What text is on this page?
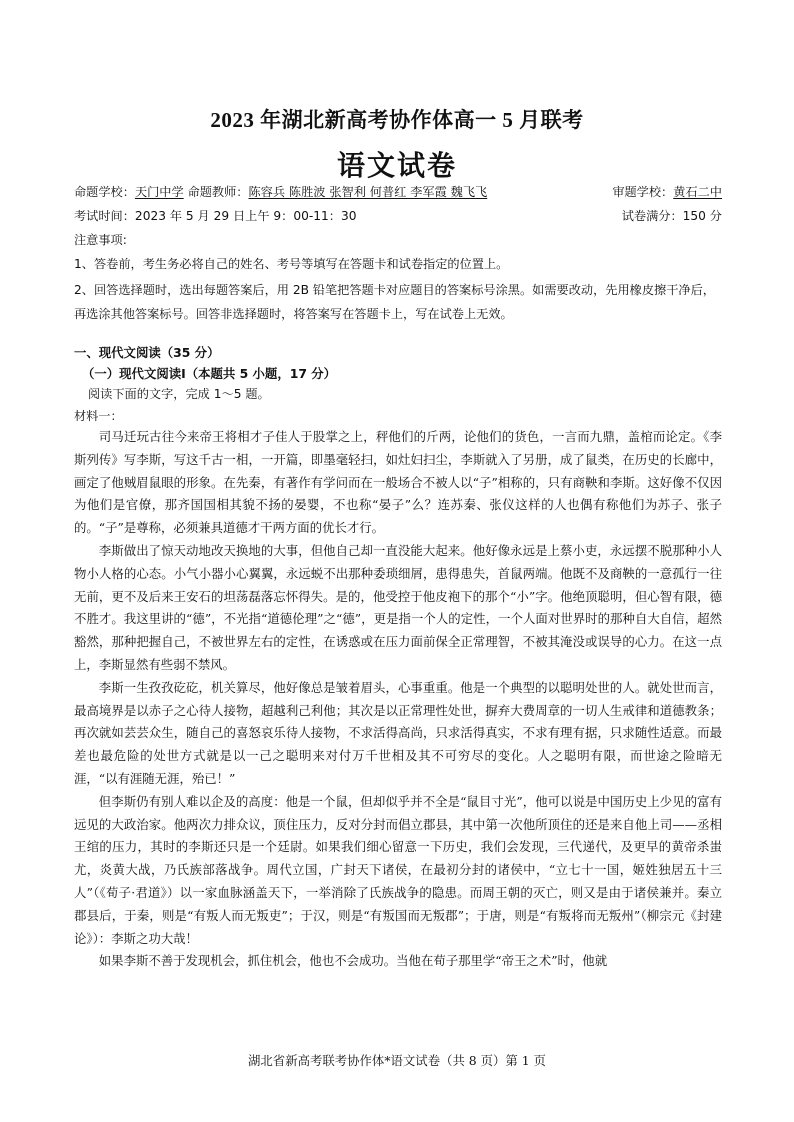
2023 年湖北新高考协作体高一 5 月联考
语文试卷
命题学校：天门中学 命题教师：陈容兵 陈胜波 张智利 何普红 李军霞 魏飞飞	审题学校：黄石二中
考试时间：2023 年 5 月 29 日上午 9：00-11：30	试卷满分：150 分
注意事项:
1、答卷前，考生务必将自己的姓名、考号等填写在答题卡和试卷指定的位置上。
2、回答选择题时，选出每题答案后，用 2B 铅笔把答题卡对应题目的答案标号涂黑。如需要改动，先用橡皮擦干净后，再选涂其他答案标号。回答非选择题时，将答案写在答题卡上，写在试卷上无效。
一、现代文阅读（35 分）
（一）现代文阅读Ⅰ（本题共 5 小题，17 分）
阅读下面的文字，完成 1～5 题。
材料一：

司马迁玩古往今来帝王将相才子佳人于股掌之上，秤他们的斤两，论他们的货色，一言而九鼎，盖棺而论定。《李斯列传》写李斯，写这千古一相，一开篇，即墨毫轻扫，如灶妇扫尘，李斯就入了另册，成了鼠类，在历史的长廊中，画定了他贼眉鼠眼的形象。在先秦，有著作有学问而在一般场合不被人以“子”相称的，只有商鞅和李斯。这好像不仅因为他们是官僚，那齐国国相其貌不扬的晏婴，不也称“晏子”么？连苏秦、张仪这样的人也偶有称他们为苏子、张子的。“子”是尊称，必须兼具道德才干两方面的优长才行。

李斯做出了惊天动地改天换地的大事，但他自己却一直没能大起来。他好像永远是上蔡小吏，永远摆不脱那种小人物小人格的心态。小气小器小心翼翼，永远蜕不出那种委琐细屑，患得患失，首鼠两端。他既不及商鞅的一意孤行一往无前，更不及后来王安石的坦荡磊落忘怀得失。是的，他受控于他皮袍下的那个“小”字。他绝顶聪明，但心智有限，德不胜才。我这里讲的“德”，不光指“道德伦理”之“德”，更是指一个人的定性，一个人面对世界时的那种自大自信，超然豁然，那种把握自己，不被世界左右的定性，在诱惑或在压力面前保全正常理智，不被其淹没或误导的心力。在这一点上，李斯显然有些弱不禁风。

李斯一生孜孜矻矻，机关算尽，他好像总是皱着眉头，心事重重。他是一个典型的以聪明处世的人。就处世而言，最高境界是以赤子之心待人接物，超越利己利他；其次是以正常理性处世，摒弃大费周章的一切人生戒律和道德教条；再次就如芸芸众生，随自己的喜怒哀乐待人接物，不求活得高尚，只求活得真实，不求有理有据，只求随性适意。而最差也最危险的处世方式就是以一己之聪明来对付万千世相及其不可穷尽的变化。人之聪明有限，而世途之险暗无涯，“以有涯随无涯，殆已！”

但李斯仍有别人难以企及的高度：他是一个鼠，但却似乎并不全是“鼠目寸光”，他可以说是中国历史上少见的富有远见的大政治家。他两次力排众议，顶住压力，反对分封而倡立郡县，其中第一次他所顶住的还是来自他上司——丞相王绾的压力，其时的李斯还只是一个廷尉。如果我们细心留意一下历史，我们会发现，三代递代，及更早的黄帝杀蚩尤，炎黄大战，乃氏族部落战争。周代立国，广封天下诸侯，在最初分封的诸侯中，“立七十一国，姬姓独居五十三人”（《荀子·君道》）以一家血脉涵盖天下，一举消除了氏族战争的隐患。而周王朝的灭亡，则又是由于诸侯兼并。秦立郡县后，于秦，则是“有叛人而无叛吏”；于汉，则是“有叛国而无叛郡”；于唐，则是“有叛将而无叛州”（柳宗元《封建论》）：李斯之功大哉！

如果李斯不善于发现机会，抓住机会，他也不会成功。当他在荀子那里学“帝王之术”时，他就

湖北省新高考联考协作体*语文试卷（共 8 页）第 1 页
